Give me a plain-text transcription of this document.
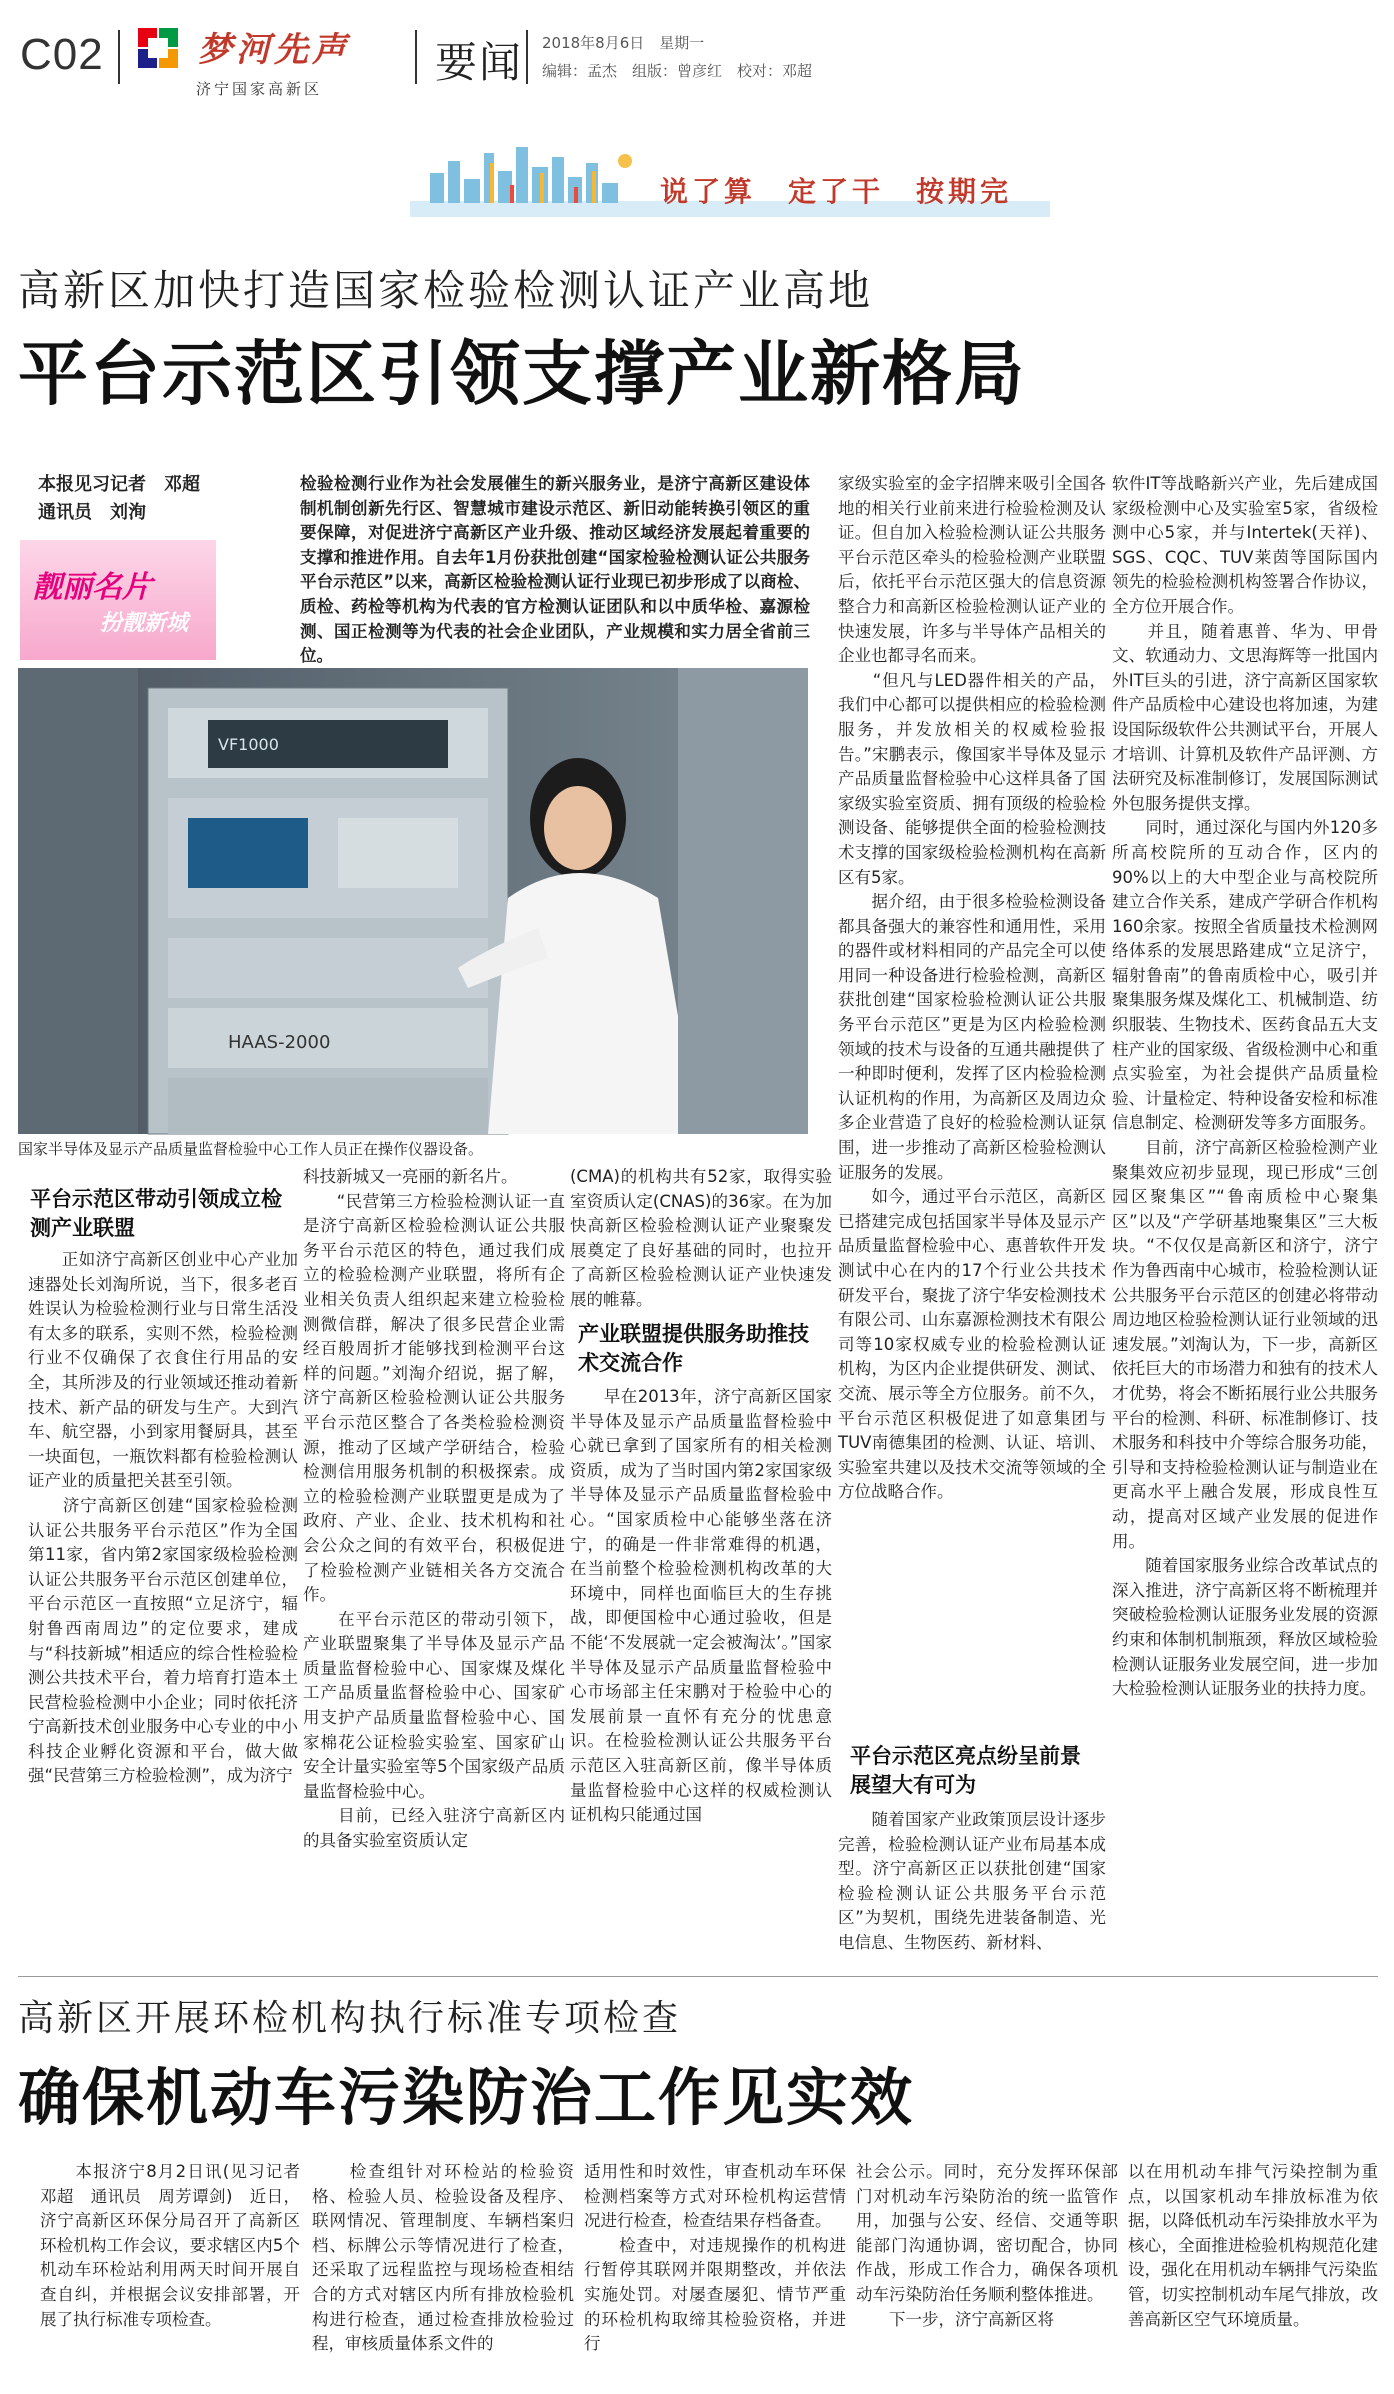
C02	梦河先声
济宁国家高新区
要闻 2018年8月6日　星期一
编辑：孟杰　组版：曾彦红　校对：邓超
说了算　定了干　按期完
高新区加快打造国家检验检测认证产业高地
平台示范区引领支撑产业新格局
本报见习记者　邓超
通讯员　刘洵
靓丽名片
扮靓新城
检验检测行业作为社会发展催生的新兴服务业，是济宁高新区建设体制机制创新先行区、智慧城市建设示范区、新旧动能转换引领区的重要保障，对促进济宁高新区产业升级、推动区域经济发展起着重要的支撑和推进作用。自去年1月份获批创建“国家检验检测认证公共服务平台示范区”以来，高新区检验检测认证行业现已初步形成了以商检、质检、药检等机构为代表的官方检测认证团队和以中质华检、嘉源检测、国正检测等为代表的社会企业团队，产业规模和实力居全省前三位。
VF1000
HAAS-2000
国家半导体及显示产品质量监督检验中心工作人员正在操作仪器设备。
平台示范区带动引领成立检测产业联盟
　　正如济宁高新区创业中心产业加速器处长刘淘所说，当下，很多老百姓误认为检验检测行业与日常生活没有太多的联系，实则不然，检验检测行业不仅确保了衣食住行用品的安全，其所涉及的行业领域还推动着新技术、新产品的研发与生产。大到汽车、航空器，小到家用餐厨具，甚至一块面包，一瓶饮料都有检验检测认证产业的质量把关甚至引领。
　　济宁高新区创建“国家检验检测认证公共服务平台示范区”作为全国第11家，省内第2家国家级检验检测认证公共服务平台示范区创建单位，平台示范区一直按照“立足济宁，辐射鲁西南周边”的定位要求，建成与“科技新城”相适应的综合性检验检测公共技术平台，着力培育打造本土民营检验检测中小企业；同时依托济宁高新技术创业服务中心专业的中小科技企业孵化资源和平台，做大做强“民营第三方检验检测”，成为济宁
科技新城又一亮丽的新名片。
　　“民营第三方检验检测认证一直是济宁高新区检验检测认证公共服务平台示范区的特色，通过我们成立的检验检测产业联盟，将所有企业相关负责人组织起来建立检验检测微信群，解决了很多民营企业需经百般周折才能够找到检测平台这样的问题。”刘淘介绍说，据了解，济宁高新区检验检测认证公共服务平台示范区整合了各类检验检测资源，推动了区域产学研结合，检验检测信用服务机制的积极探索。成立的检验检测产业联盟更是成为了政府、产业、企业、技术机构和社会公众之间的有效平台，积极促进了检验检测产业链相关各方交流合作。
　　在平台示范区的带动引领下，产业联盟聚集了半导体及显示产品质量监督检验中心、国家煤及煤化工产品质量监督检验中心、国家矿用支护产品质量监督检验中心、国家棉花公证检验实验室、国家矿山安全计量实验室等5个国家级产品质量监督检验中心。
　　目前，已经入驻济宁高新区内的具备实验室资质认定
(CMA)的机构共有52家，取得实验室资质认定(CNAS)的36家。在为加快高新区检验检测认证产业聚聚发展奠定了良好基础的同时，也拉开了高新区检验检测认证产业快速发展的帷幕。
产业联盟提供服务助推技术交流合作
　　早在2013年，济宁高新区国家半导体及显示产品质量监督检验中心就已拿到了国家所有的相关检测资质，成为了当时国内第2家国家级半导体及显示产品质量监督检验中心。“国家质检中心能够坐落在济宁，的确是一件非常难得的机遇，在当前整个检验检测机构改革的大环境中，同样也面临巨大的生存挑战，即便国检中心通过验收，但是不能‘不发展就一定会被淘汰’。”国家半导体及显示产品质量监督检验中心市场部主任宋鹏对于检验中心的发展前景一直怀有充分的忧患意识。在检验检测认证公共服务平台示范区入驻高新区前，像半导体质量监督检验中心这样的权威检测认证机构只能通过国
家级实验室的金字招牌来吸引全国各地的相关行业前来进行检验检测及认证。但自加入检验检测认证公共服务平台示范区牵头的检验检测产业联盟后，依托平台示范区强大的信息资源整合力和高新区检验检测认证产业的快速发展，许多与半导体产品相关的企业也都寻名而来。
　　“但凡与LED器件相关的产品，我们中心都可以提供相应的检验检测服务，并发放相关的权威检验报告。”宋鹏表示，像国家半导体及显示产品质量监督检验中心这样具备了国家级实验室资质、拥有顶级的检验检测设备、能够提供全面的检验检测技术支撑的国家级检验检测机构在高新区有5家。
　　据介绍，由于很多检验检测设备都具备强大的兼容性和通用性，采用的器件或材料相同的产品完全可以使用同一种设备进行检验检测，高新区获批创建“国家检验检测认证公共服务平台示范区”更是为区内检验检测领域的技术与设备的互通共融提供了一种即时便利，发挥了区内检验检测认证机构的作用，为高新区及周边众多企业营造了良好的检验检测认证氛围，进一步推动了高新区检验检测认证服务的发展。
　　如今，通过平台示范区，高新区已搭建完成包括国家半导体及显示产品质量监督检验中心、惠普软件开发测试中心在内的17个行业公共技术研发平台，聚拢了济宁华安检测技术有限公司、山东嘉源检测技术有限公司等10家权威专业的检验检测认证机构，为区内企业提供研发、测试、交流、展示等全方位服务。前不久，平台示范区积极促进了如意集团与TUV南德集团的检测、认证、培训、实验室共建以及技术交流等领域的全方位战略合作。
平台示范区亮点纷呈前景展望大有可为
　　随着国家产业政策顶层设计逐步完善，检验检测认证产业布局基本成型。济宁高新区正以获批创建“国家检验检测认证公共服务平台示范区”为契机，围绕先进装备制造、光电信息、生物医药、新材料、
软件IT等战略新兴产业，先后建成国家级检测中心及实验室5家，省级检测中心5家，并与Intertek(天祥)、SGS、CQC、TUV莱茵等国际国内领先的检验检测机构签署合作协议，全方位开展合作。
　　并且，随着惠普、华为、甲骨文、软通动力、文思海辉等一批国内外IT巨头的引进，济宁高新区国家软件产品质检中心建设也将加速，为建设国际级软件公共测试平台，开展人才培训、计算机及软件产品评测、方法研究及标准制修订，发展国际测试外包服务提供支撑。
　　同时，通过深化与国内外120多所高校院所的互动合作，区内的90%以上的大中型企业与高校院所建立合作关系，建成产学研合作机构160余家。按照全省质量技术检测网络体系的发展思路建成“立足济宁，辐射鲁南”的鲁南质检中心，吸引并聚集服务煤及煤化工、机械制造、纺织服装、生物技术、医药食品五大支柱产业的国家级、省级检测中心和重点实验室，为社会提供产品质量检验、计量检定、特种设备安检和标准信息制定、检测研发等多方面服务。
　　目前，济宁高新区检验检测产业聚集效应初步显现，现已形成“三创园区聚集区”“鲁南质检中心聚集区”以及“产学研基地聚集区”三大板块。“不仅仅是高新区和济宁，济宁作为鲁西南中心城市，检验检测认证公共服务平台示范区的创建必将带动周边地区检验检测认证行业领域的迅速发展。”刘淘认为，下一步，高新区依托巨大的市场潜力和独有的技术人才优势，将会不断拓展行业公共服务平台的检测、科研、标准制修订、技术服务和科技中介等综合服务功能，引导和支持检验检测认证与制造业在更高水平上融合发展，形成良性互动，提高对区域产业发展的促进作用。
　　随着国家服务业综合改革试点的深入推进，济宁高新区将不断梳理并突破检验检测认证服务业发展的资源约束和体制机制瓶颈，释放区域检验检测认证服务业发展空间，进一步加大检验检测认证服务业的扶持力度。
高新区开展环检机构执行标准专项检查
确保机动车污染防治工作见实效
　　本报济宁8月2日讯(见习记者　邓超　通讯员　周芳谭剑)　近日，济宁高新区环保分局召开了高新区环检机构工作会议，要求辖区内5个机动车环检站利用两天时间开展自查自纠，并根据会议安排部署，开展了执行标准专项检查。
　　检查组针对环检站的检验资格、检验人员、检验设备及程序、联网情况、管理制度、车辆档案归档、标牌公示等情况进行了检查，还采取了远程监控与现场检查相结合的方式对辖区内所有排放检验机构进行检查，通过检查排放检验过程，审核质量体系文件的
适用性和时效性，审查机动车环保检测档案等方式对环检机构运营情况进行检查，检查结果存档备查。
　　检查中，对违规操作的机构进行暂停其联网并限期整改，并依法实施处罚。对屡查屡犯、情节严重的环检机构取缔其检验资格，并进行
社会公示。同时，充分发挥环保部门对机动车污染防治的统一监管作用，加强与公安、经信、交通等职能部门沟通协调，密切配合，协同作战，形成工作合力，确保各项机动车污染防治任务顺利整体推进。
　　下一步，济宁高新区将
以在用机动车排气污染控制为重点，以国家机动车排放标准为依据，以降低机动车污染排放水平为核心，全面推进检验机构规范化建设，强化在用机动车辆排气污染监管，切实控制机动车尾气排放，改善高新区空气环境质量。
